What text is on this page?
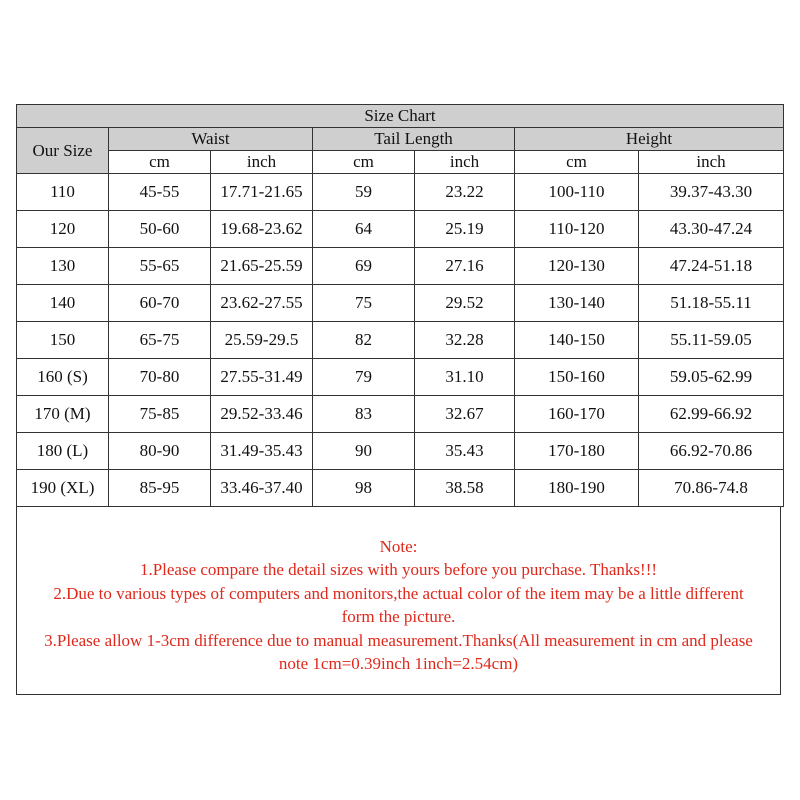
Size Chart						
Our Size	Waist		Tail Length		Height	
	cm	inch	cm	inch	cm	inch
110	45-55	17.71-21.65	59	23.22	100-110	39.37-43.30
120	50-60	19.68-23.62	64	25.19	110-120	43.30-47.24
130	55-65	21.65-25.59	69	27.16	120-130	47.24-51.18
140	60-70	23.62-27.55	75	29.52	130-140	51.18-55.11
150	65-75	25.59-29.5	82	32.28	140-150	55.11-59.05
160 (S)	70-80	27.55-31.49	79	31.10	150-160	59.05-62.99
170 (M)	75-85	29.52-33.46	83	32.67	160-170	62.99-66.92
180 (L)	80-90	31.49-35.43	90	35.43	170-180	66.92-70.86
190 (XL)	85-95	33.46-37.40	98	38.58	180-190	70.86-74.8
Note:
1.Please compare the detail sizes with yours before you purchase. Thanks!!!
2.Due to various types of computers and monitors,the actual color of the item may be a little different
form the picture.
3.Please allow 1-3cm difference due to manual measurement.Thanks(All measurement in cm and please
note 1cm=0.39inch 1inch=2.54cm)
